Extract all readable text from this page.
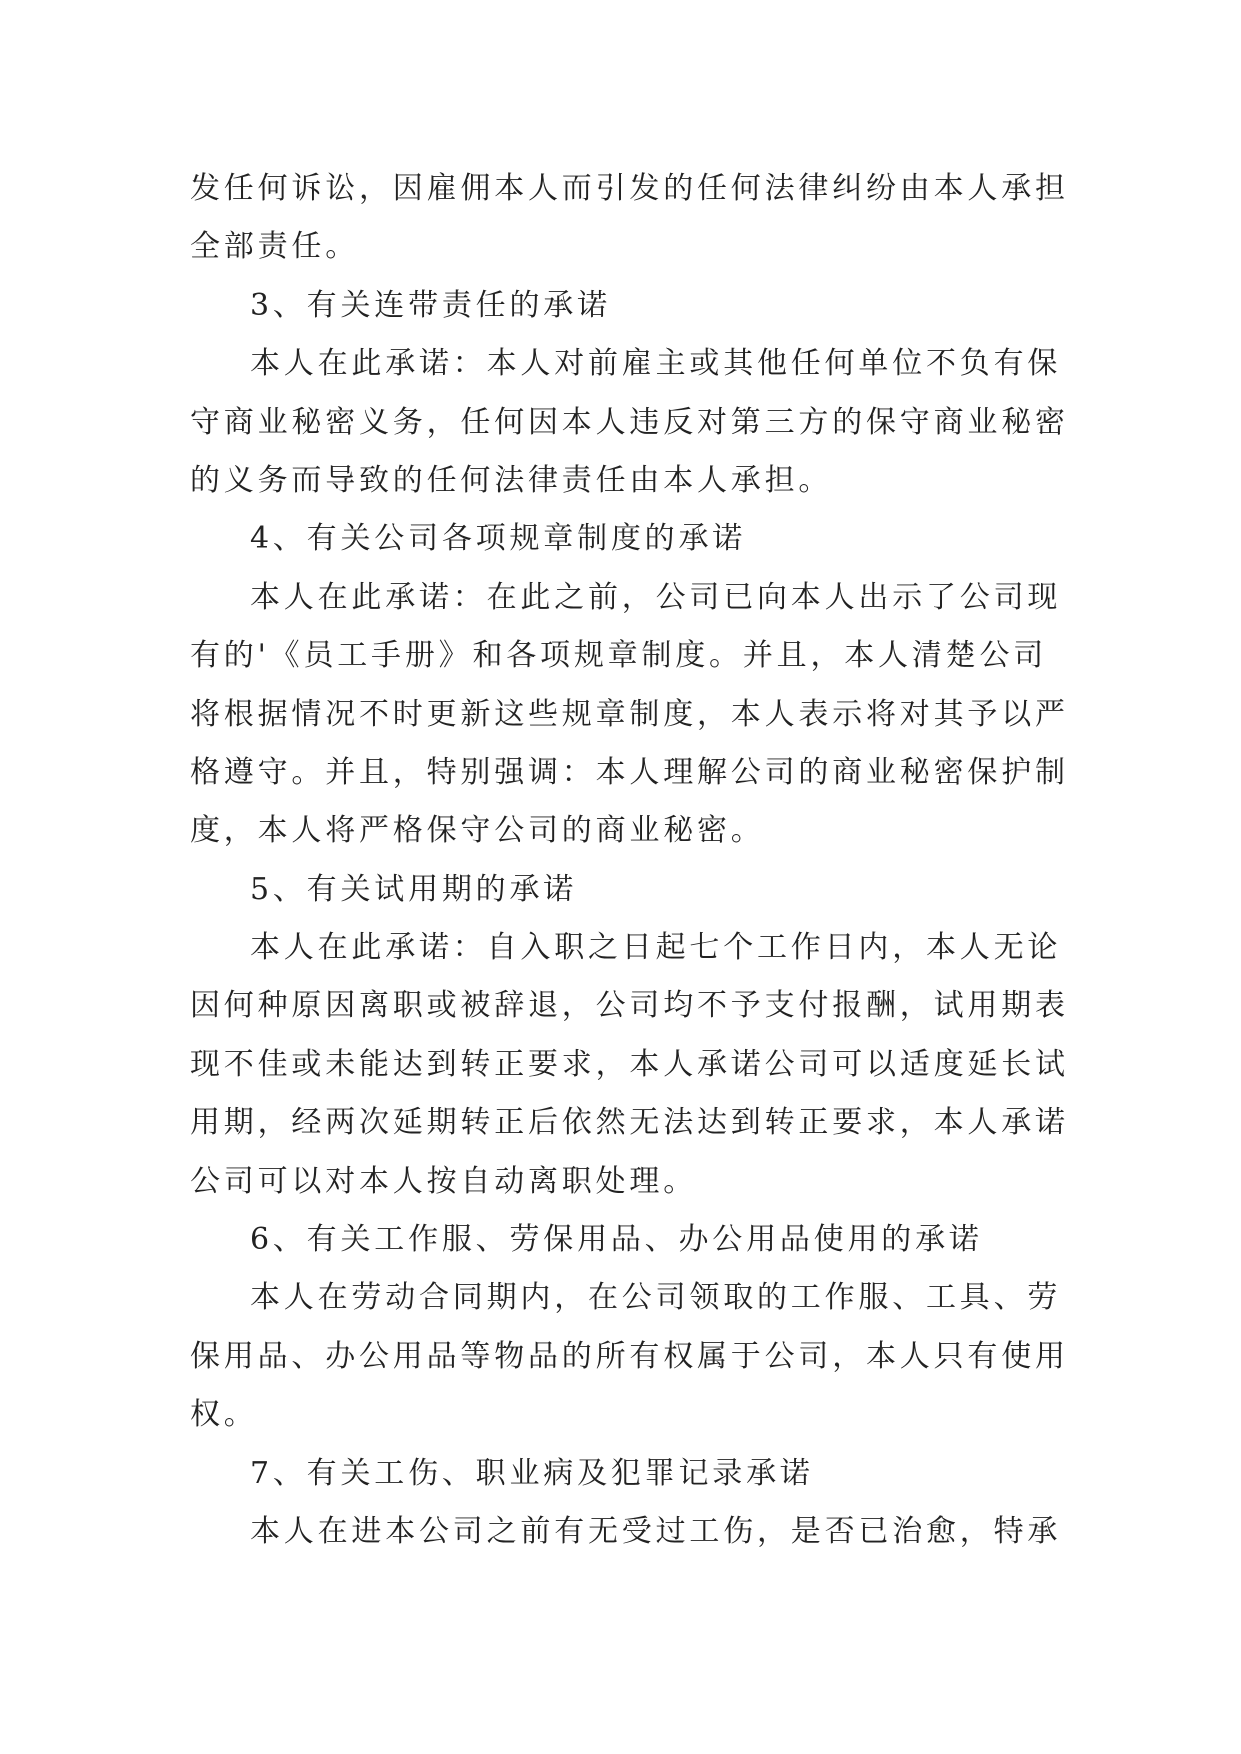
发任何诉讼，因雇佣本人而引发的任何法律纠纷由本人承担
全部责任。
3、有关连带责任的承诺
本人在此承诺：本人对前雇主或其他任何单位不负有保
守商业秘密义务，任何因本人违反对第三方的保守商业秘密
的义务而导致的任何法律责任由本人承担。
4、有关公司各项规章制度的承诺
本人在此承诺：在此之前，公司已向本人出示了公司现
有的'《员工手册》和各项规章制度。并且，本人清楚公司
将根据情况不时更新这些规章制度，本人表示将对其予以严
格遵守。并且，特别强调：本人理解公司的商业秘密保护制
度，本人将严格保守公司的商业秘密。
5、有关试用期的承诺
本人在此承诺：自入职之日起七个工作日内，本人无论
因何种原因离职或被辞退，公司均不予支付报酬，试用期表
现不佳或未能达到转正要求，本人承诺公司可以适度延长试
用期，经两次延期转正后依然无法达到转正要求，本人承诺
公司可以对本人按自动离职处理。
6、有关工作服、劳保用品、办公用品使用的承诺
本人在劳动合同期内，在公司领取的工作服、工具、劳
保用品、办公用品等物品的所有权属于公司，本人只有使用
权。
7、有关工伤、职业病及犯罪记录承诺
本人在进本公司之前有无受过工伤，是否已治愈，特承
